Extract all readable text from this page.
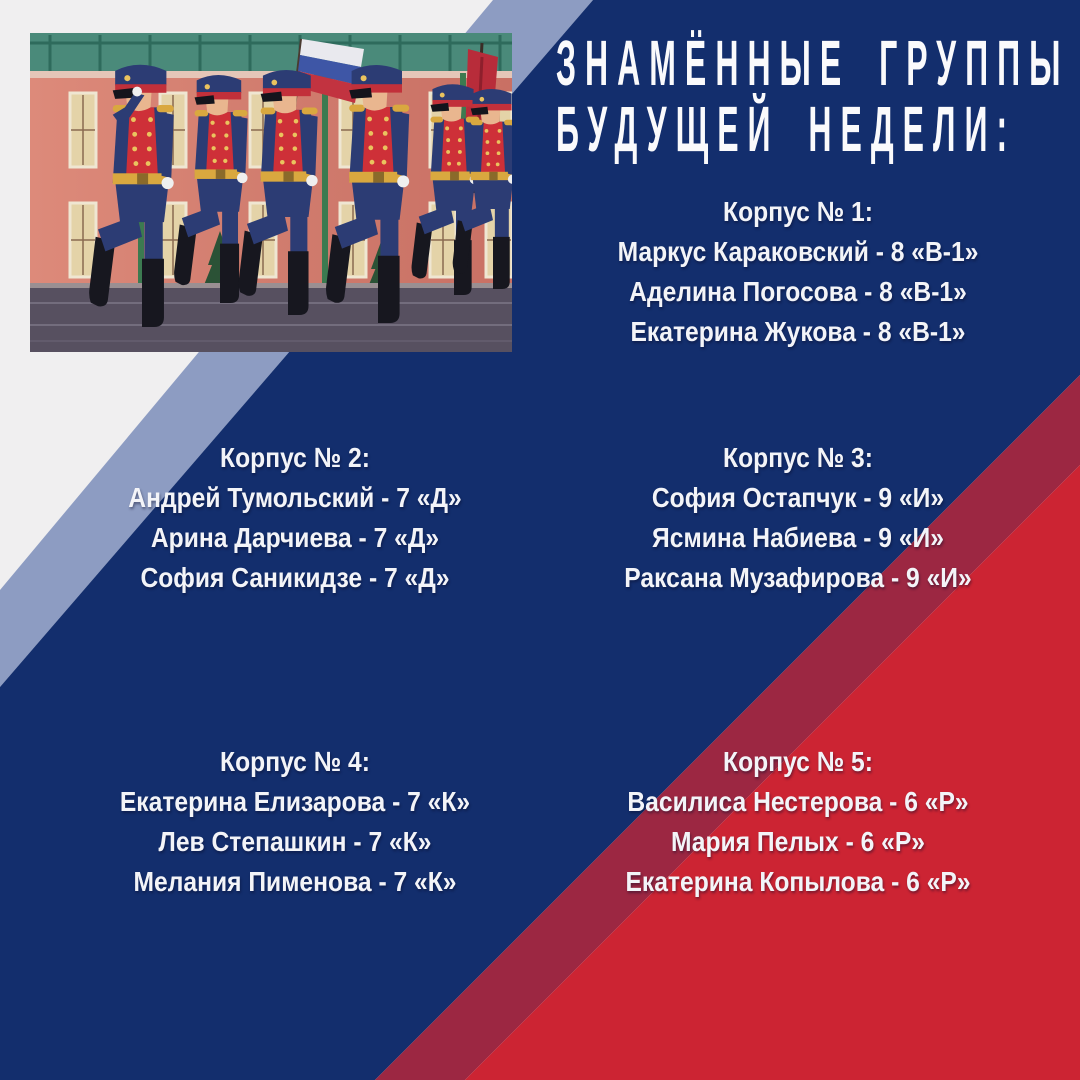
ЗНАМЁННЫЕ ГРУППЫ
БУДУЩЕЙ НЕДЕЛИ:
Корпус № 1:
Маркус Караковский - 8 «В-1»
Аделина Погосова - 8 «В-1»
Екатерина Жукова - 8 «В-1»
Корпус № 2:
Андрей Тумольский - 7 «Д»
Арина Дарчиева - 7 «Д»
София Саникидзе - 7 «Д»
Корпус № 3:
София Остапчук - 9 «И»
Ясмина Набиева - 9 «И»
Раксана Музафирова - 9 «И»
Корпус № 4:
Екатерина Елизарова - 7 «К»
Лев Степашкин - 7 «К»
Мелания Пименова - 7 «К»
Корпус № 5:
Василиса Нестерова - 6 «Р»
Мария Пелых - 6 «Р»
Екатерина Копылова - 6 «Р»
